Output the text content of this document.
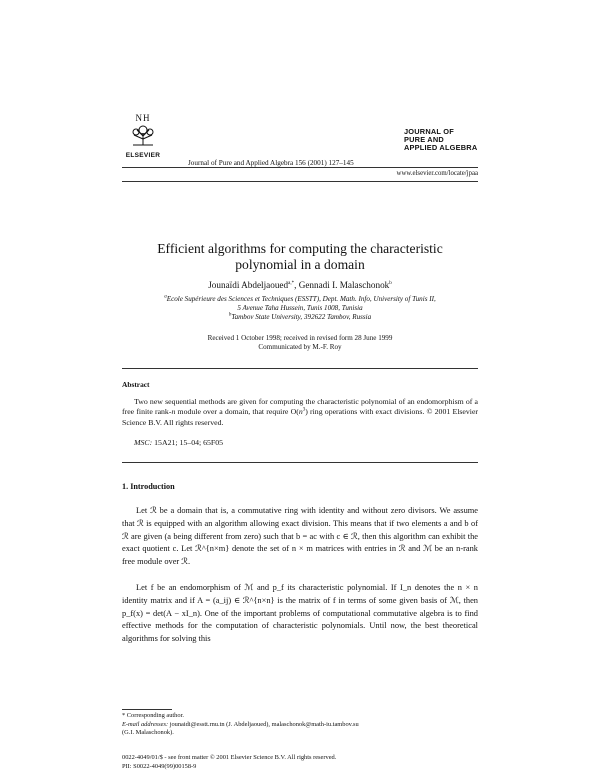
NH
ELSEVIER
Journal of Pure and Applied Algebra 156 (2001) 127–145
JOURNAL OF
PURE AND
APPLIED ALGEBRA
www.elsevier.com/locate/jpaa
Efficient algorithms for computing the characteristic
polynomial in a domain
Jounaïdi Abdeljaoued$^{a,*}$, Gennadi I. Malaschonok$^b$
$^a$Ecole Supérieure des Sciences et Techniques (ESSTT), Dept. Math. Info, University of Tunis II,
5 Avenue Taha Hussein, Tunis 1008, Tunisia
$^b$Tambov State University, 392622 Tambov, Russia
Received 1 October 1998; received in revised form 28 June 1999
Communicated by M.-F. Roy
Abstract
Two new sequential methods are given for computing the characteristic polynomial of an endomorphism of a free finite rank-n module over a domain, that require $O(n^3)$ ring operations with exact divisions. © 2001 Elsevier Science B.V. All rights reserved.
MSC: 15A21; 15–04; 65F05
1. Introduction
Let ℛ be a domain that is, a commutative ring with identity and without zero divisors. We assume that ℛ is equipped with an algorithm allowing exact division. This means that if two elements a and b of ℛ are given (a being different from zero) such that b = ac with c ∈ ℛ, then this algorithm can exhibit the exact quotient c. Let ℛ^{n×m} denote the set of n × m matrices with entries in ℛ and ℳ be an n-rank free module over ℛ.
Let f be an endomorphism of ℳ and p_f its characteristic polynomial. If I_n denotes the n × n identity matrix and if A = (a_ij) ∈ ℛ^{n×n} is the matrix of f in terms of some given basis of ℳ, then p_f(x) = det(A − xI_n). One of the important problems of computational commutative algebra is to find effective methods for the computation of characteristic polynomials. Until now, the best theoretical algorithms for solving this
* Corresponding author.
E-mail addresses: jounaidi@esstt.rnu.tn (J. Abdeljaoued), malaschonok@math-iu.tambov.su
(G.I. Malaschonok).
0022-4049/01/$ - see front matter © 2001 Elsevier Science B.V. All rights reserved.
PII: S0022-4049(99)00158-9
